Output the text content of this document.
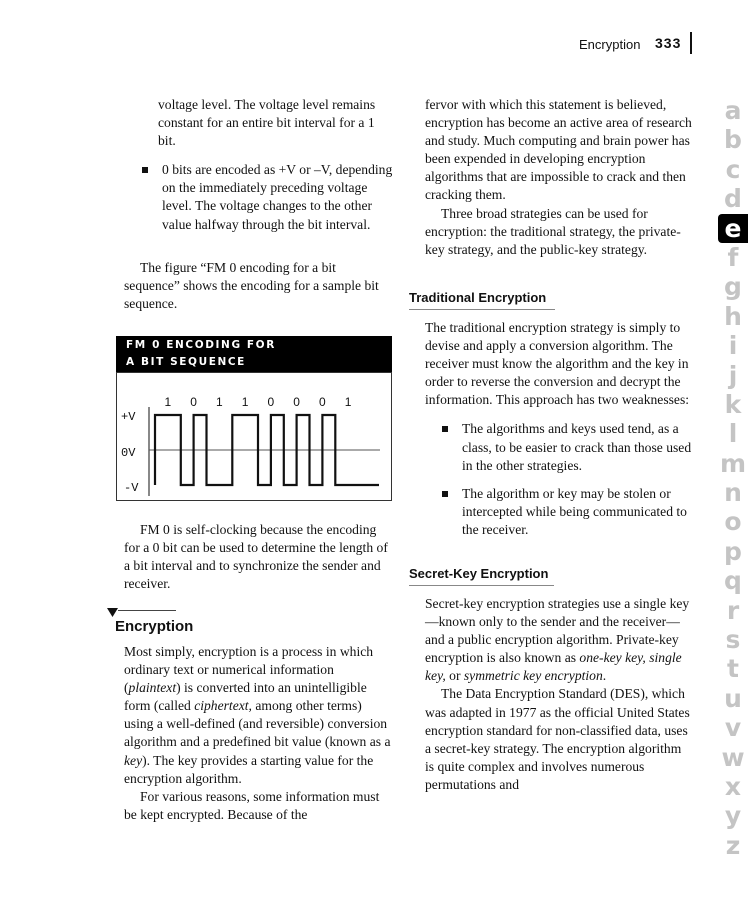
Encryption 333

voltage level. The voltage level remains constant for an entire bit interval for a 1 bit.

0 bits are encoded as +V or –V, depending on the immediately preceding voltage level. The voltage changes to the other value halfway through the bit interval.

The figure “FM 0 encoding for a bit sequence” shows the encoding for a sample bit sequence.

FM 0 ENCODING FOR
A BIT SEQUENCE
1 0 1 1 0 0 0 1
+V
0V
-V

FM 0 is self-clocking because the encoding for a 0 bit can be used to determine the length of a bit interval and to synchronize the sender and receiver.

Encryption

Most simply, encryption is a process in which ordinary text or numerical information (plaintext) is converted into an unintelligible form (called ciphertext, among other terms) using a well-defined (and reversible) conversion algorithm and a predefined bit value (known as a key). The key provides a starting value for the encryption algorithm.

For various reasons, some information must be kept encrypted. Because of the

fervor with which this statement is believed, encryption has become an active area of research and study. Much computing and brain power has been expended in developing encryption algorithms that are impossible to crack and then cracking them.

Three broad strategies can be used for encryption: the traditional strategy, the private-key strategy, and the public-key strategy.

Traditional Encryption

The traditional encryption strategy is simply to devise and apply a conversion algorithm. The receiver must know the algorithm and the key in order to reverse the conversion and decrypt the information. This approach has two weaknesses:

The algorithms and keys used tend, as a class, to be easier to crack than those used in the other strategies.

The algorithm or key may be stolen or intercepted while being communicated to the receiver.

Secret-Key Encryption

Secret-key encryption strategies use a single key—known only to the sender and the receiver—and a public encryption algorithm. Private-key encryption is also known as one-key key, single key, or symmetric key encryption.

The Data Encryption Standard (DES), which was adapted in 1977 as the official United States encryption standard for non-classified data, uses a secret-key strategy. The encryption algorithm is quite complex and involves numerous permutations and

a
b
c
d
e
f
g
h
i
j
k
l
m
n
o
p
q
r
s
t
u
v
w
x
y
z
